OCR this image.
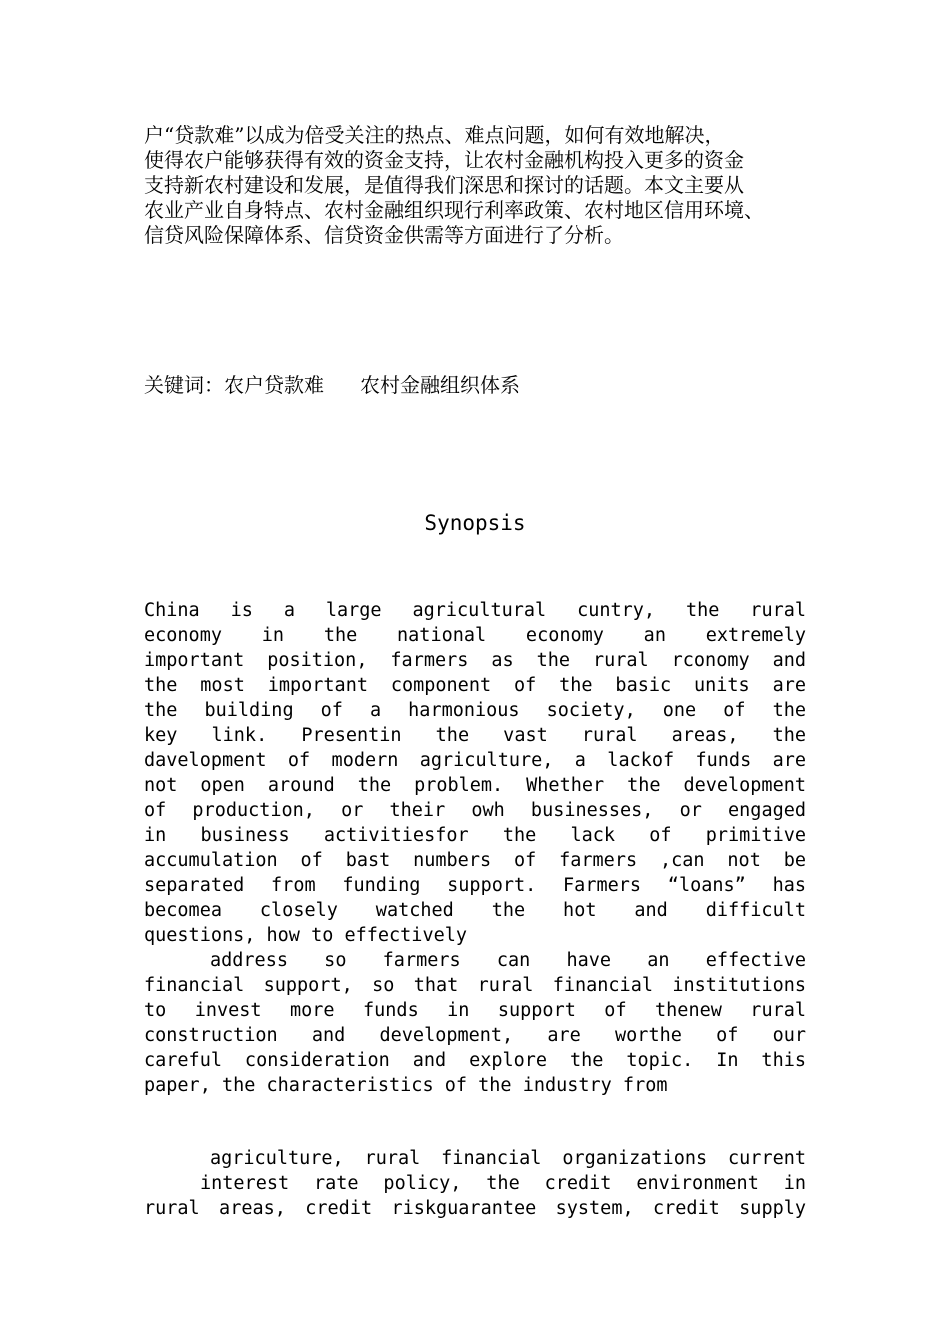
户“贷款难”以成为倍受关注的热点、难点问题，如何有效地解决，
使得农户能够获得有效的资金支持，让农村金融机构投入更多的资金
支持新农村建设和发展，是值得我们深思和探讨的话题。本文主要从
农业产业自身特点、农村金融组织现行利率政策、农村地区信用环境、
信贷风险保障体系、信贷资金供需等方面进行了分析。
关键词：农户贷款难 农村金融组织体系
Synopsis
China is a large agricultural cuntry, the rural
economy in the national economy an extremely
important position, farmers as the rural rconomy and
the most important component of the basic units are
the building of a harmonious society, one of the
key link. Presentin the vast rural areas, the
davelopment of modern agriculture, a lackof funds are
not open around the problem. Whether the development
of production, or their owh businesses, or engaged
in business activitiesfor the lack of primitive
accumulation of bast numbers of farmers ,can not be
separated from funding support. Farmers “loans” has
becomea closely watched the hot and difficult
questions, how to effectively
address so farmers can have an effective
financial support, so that rural financial institutions
to invest more funds in support of thenew rural
construction and development, are worthe of our
careful consideration and explore the topic. In this
paper, the characteristics of the industry from
agriculture, rural financial organizations current
interest rate policy, the credit environment in
rural areas, credit riskguarantee system, credit supply
